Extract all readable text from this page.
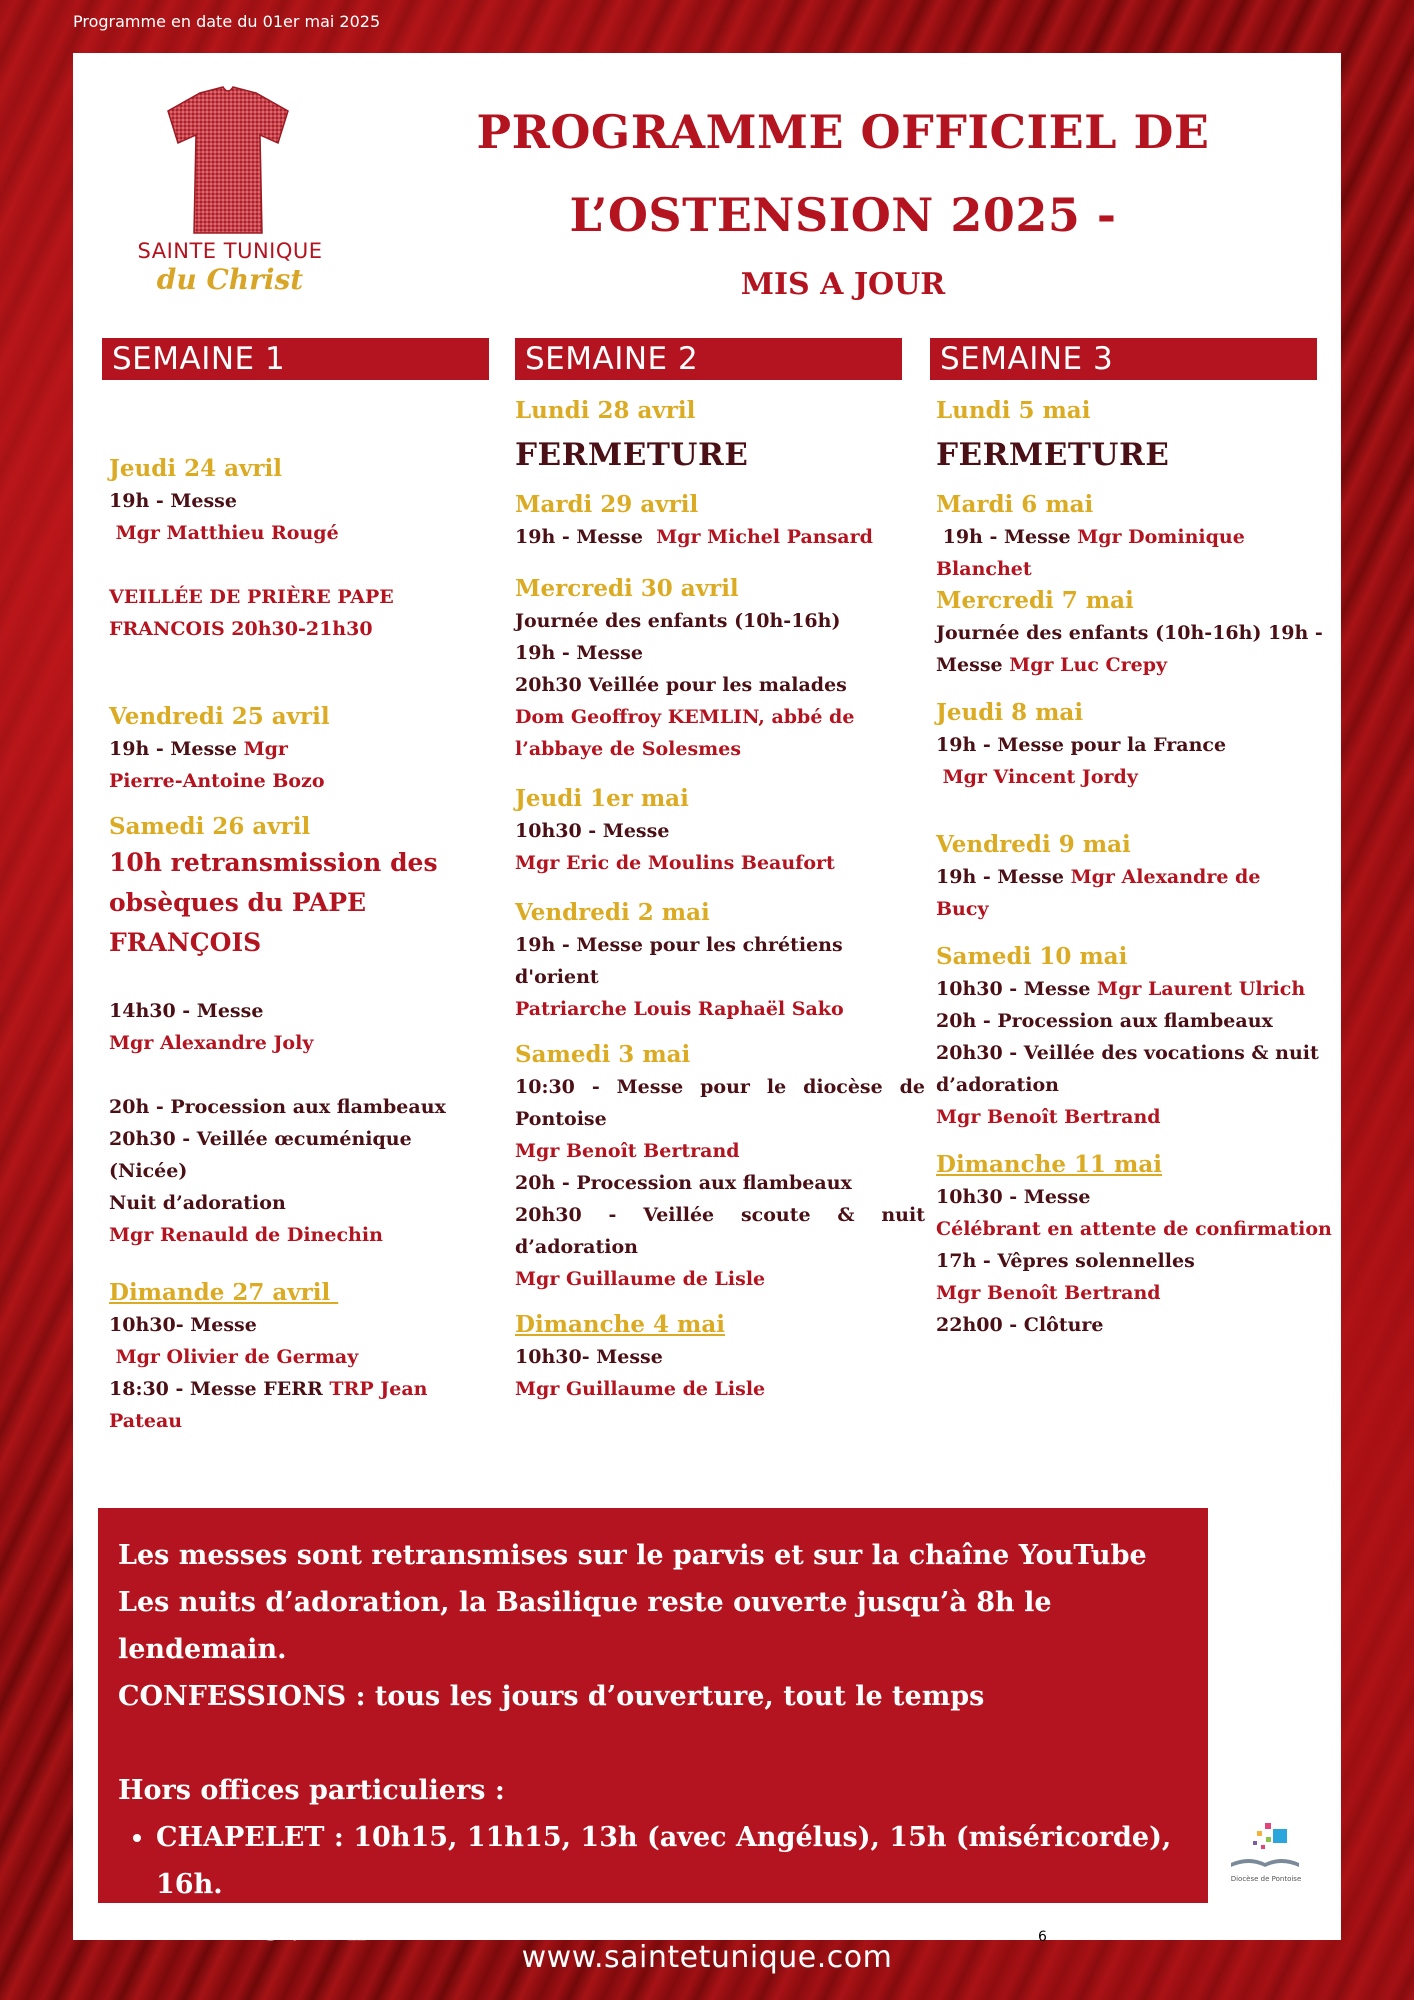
Programme en date du 01er mai 2025
SAINTE TUNIQUE
du Christ
PROGRAMME OFFICIEL DE
L’OSTENSION 2025 -
MIS A JOUR
SEMAINE 1	SEMAINE 2	SEMAINE 3
Jeudi 24 avril
19h - Messe
Mgr Matthieu Rougé
VEILLÉE DE PRIÈRE PAPE
FRANCOIS 20h30-21h30
Vendredi 25 avril
19h - Messe Mgr
Pierre-Antoine Bozo
Samedi 26 avril
10h retransmission des
obsèques du PAPE FRANÇOIS
14h30 - Messe
Mgr Alexandre Joly
20h - Procession aux flambeaux
20h30 - Veillée œcuménique
(Nicée)
Nuit d’adoration
Mgr Renauld de Dinechin
Dimande 27 avril
10h30- Messe
Mgr Olivier de Germay
18:30 - Messe FERR TRP Jean
Pateau
Lundi 28 avril
FERMETURE
Mardi 29 avril
19h - Messe  Mgr Michel Pansard
Mercredi 30 avril
Journée des enfants (10h-16h)
19h - Messe
20h30 Veillée pour les malades
Dom Geoffroy KEMLIN, abbé de
l’abbaye de Solesmes
Jeudi 1er mai
10h30 - Messe
Mgr Eric de Moulins Beaufort
Vendredi 2 mai
19h - Messe pour les chrétiens
d'orient
Patriarche Louis Raphaël Sako
Samedi 3 mai
10:30 - Messe pour le diocèse de
Pontoise
Mgr Benoît Bertrand
20h - Procession aux flambeaux
20h30 - Veillée scoute & nuit
d’adoration
Mgr Guillaume de Lisle
Dimanche 4 mai
10h30- Messe
Mgr Guillaume de Lisle
Lundi 5 mai
FERMETURE
Mardi 6 mai
19h - Messe Mgr Dominique
Blanchet
Mercredi 7 mai
Journée des enfants (10h-16h) 19h -
Messe Mgr Luc Crepy
Jeudi 8 mai
19h - Messe pour la France
Mgr Vincent Jordy
Vendredi 9 mai
19h - Messe Mgr Alexandre de
Bucy
Samedi 10 mai
10h30 - Messe Mgr Laurent Ulrich
20h - Procession aux flambeaux
20h30 - Veillée des vocations & nuit
d’adoration
Mgr Benoît Bertrand
Dimanche 11 mai
10h30 - Messe
Célébrant en attente de confirmation
17h - Vêpres solennelles
Mgr Benoît Bertrand
22h00 - Clôture
Les messes sont retransmises sur le parvis et sur la chaîne YouTube
Les nuits d’adoration, la Basilique reste ouverte jusqu’à 8h le lendemain.
CONFESSIONS : tous les jours d’ouverture, tout le temps
Hors offices particuliers :
• CHAPELET : 10h15, 11h15, 13h (avec Angélus), 15h (miséricorde), 16h.
• VÊPRES : 17h
Diocèse de Pontoise
6
www.saintetunique.com
